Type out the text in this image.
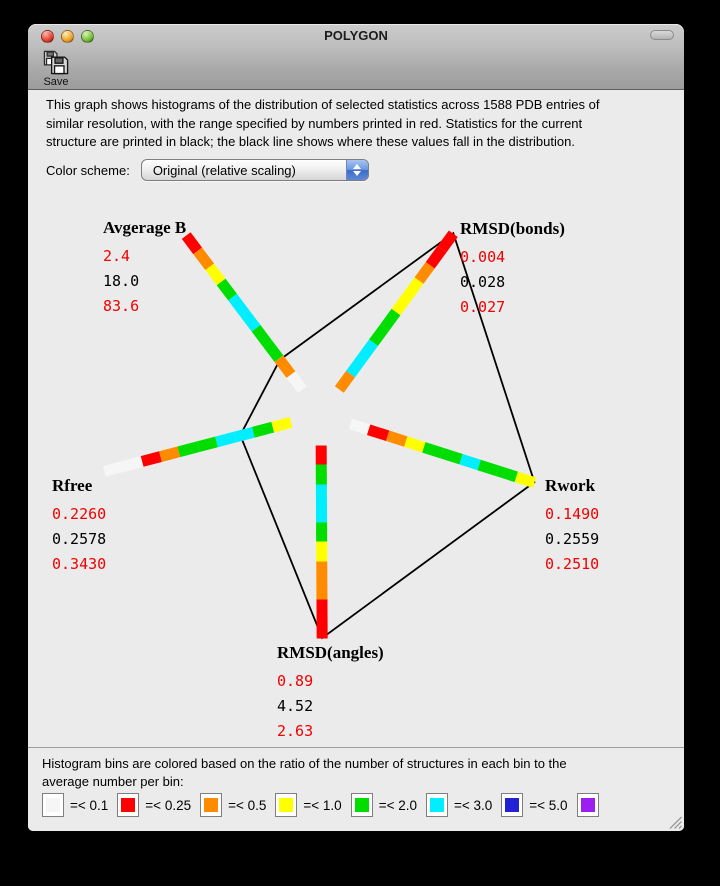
POLYGON
Save
This graph shows histograms of the distribution of selected statistics across 1588 PDB entries of
similar resolution, with the range specified by numbers printed in red. Statistics for the current
structure are printed in black; the black line shows where these values fall in the distribution.
Color scheme:	Original (relative scaling)
Avgerage B
2.4
18.0
83.6
RMSD(bonds)
0.004
0.028
0.027
Rwork
0.1490
0.2559
0.2510
RMSD(angles)
0.89
4.52
2.63
Rfree
0.2260
0.2578
0.3430
Histogram bins are colored based on the ratio of the number of structures in each bin to the
average number per bin:
=< 0.1	=< 0.25	=< 0.5	=< 1.0	=< 2.0	=< 3.0	=< 5.0
